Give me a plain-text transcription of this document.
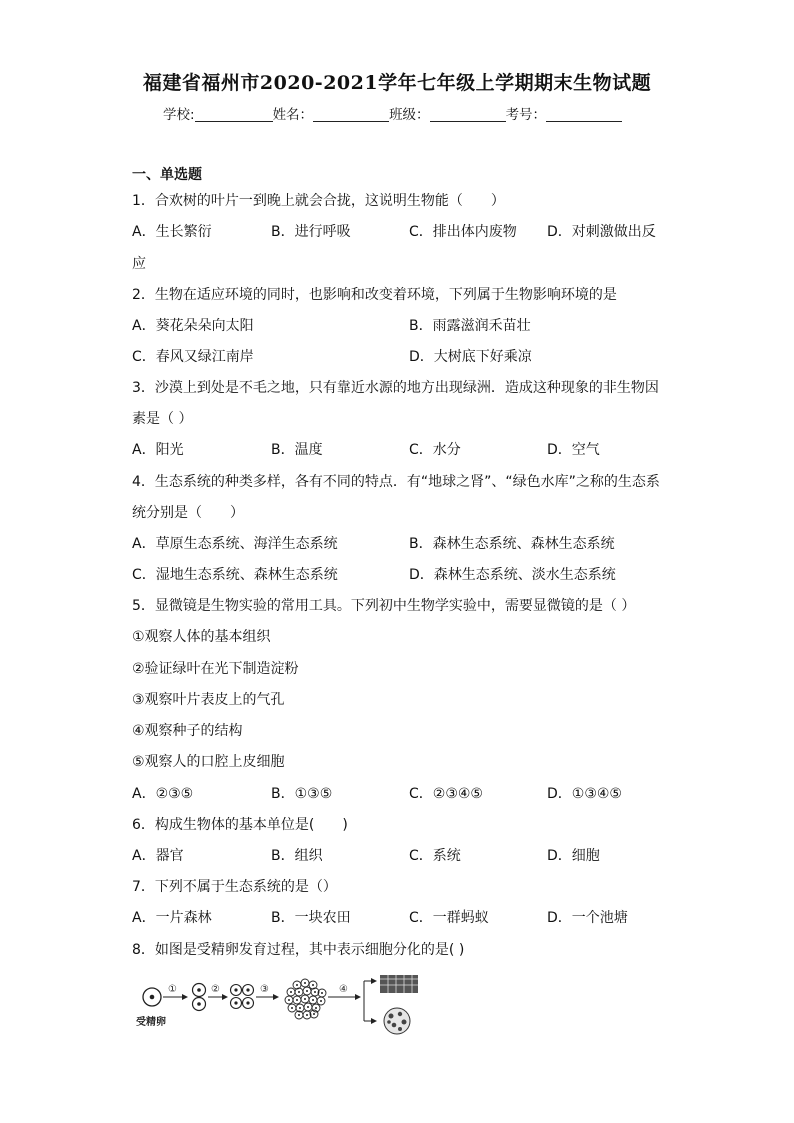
福建省福州市2020-2021学年七年级上学期期末生物试题
学校:	姓名：	班级：	考号：
一、单选题
1．合欢树的叶片一到晚上就会合拢，这说明生物能（　　）
A．生长繁衍	B．进行呼吸	C．排出体内废物 D．对刺激做出反
应
2．生物在适应环境的同时，也影响和改变着环境，下列属于生物影响环境的是
A．葵花朵朵向太阳	B．雨露滋润禾苗壮
C．春风又绿江南岸	D．大树底下好乘凉
3．沙漠上到处是不毛之地，只有靠近水源的地方出现绿洲．造成这种现象的非生物因
素是（ ）
A．阳光	B．温度	C．水分	D．空气
4．生态系统的种类多样，各有不同的特点．有“地球之肾”、“绿色水库”之称的生态系
统分别是（　　）
A．草原生态系统、海洋生态系统	B．森林生态系统、森林生态系统
C．湿地生态系统、森林生态系统	D．森林生态系统、淡水生态系统
5．显微镜是生物实验的常用工具。下列初中生物学实验中，需要显微镜的是（ ）
①观察人体的基本组织
②验证绿叶在光下制造淀粉
③观察叶片表皮上的气孔
④观察种子的结构
⑤观察人的口腔上皮细胞
A．②③⑤	B．①③⑤	C．②③④⑤	D．①③④⑤
6．构成生物体的基本单位是(　　)
A．器官	B．组织	C．系统	D．细胞
7．下列不属于生态系统的是（）
A．一片森林	B．一块农田	C．一群蚂蚁	D．一个池塘
8．如图是受精卵发育过程，其中表示细胞分化的是( )
受精卵
①	②	③	④
